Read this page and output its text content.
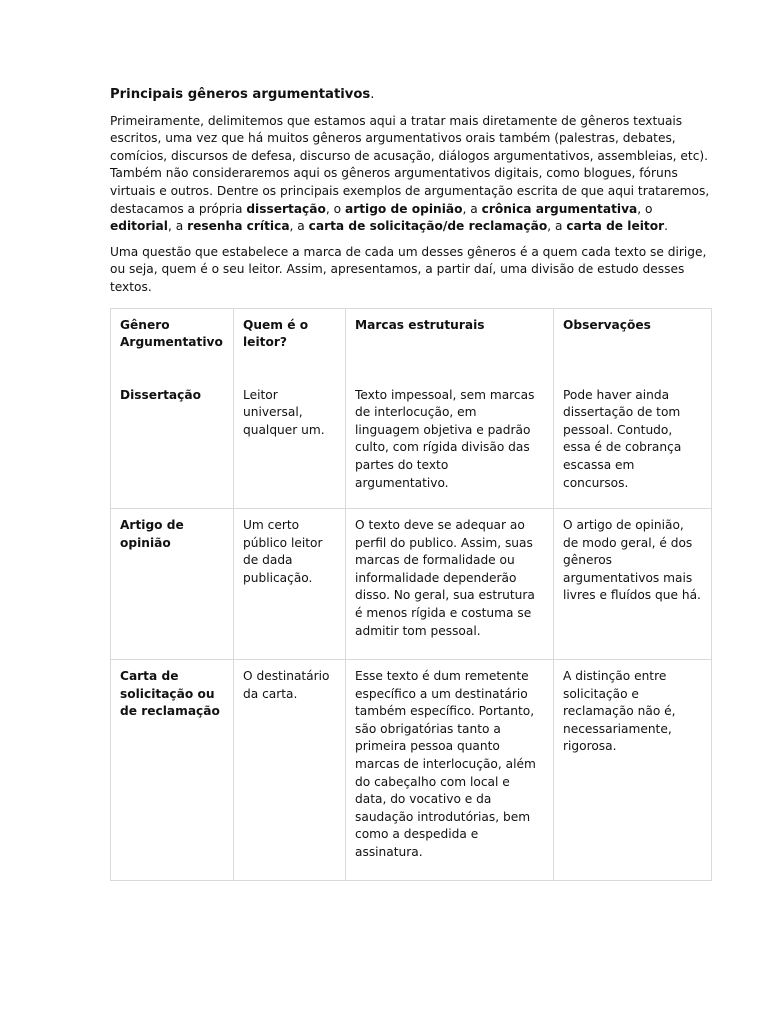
Principais gêneros argumentativos.

Primeiramente, delimitemos que estamos aqui a tratar mais diretamente de gêneros textuais escritos, uma vez que há muitos gêneros argumentativos orais também (palestras, debates, comícios, discursos de defesa, discurso de acusação, diálogos argumentativos, assembleias, etc). Também não consideraremos aqui os gêneros argumentativos digitais, como blogues, fóruns virtuais e outros. Dentre os principais exemplos de argumentação escrita de que aqui trataremos, destacamos a própria dissertação, o artigo de opinião, a crônica argumentativa, o editorial, a resenha crítica, a carta de solicitação/de reclamação, a carta de leitor.

Uma questão que estabelece a marca de cada um desses gêneros é a quem cada texto se dirige, ou seja, quem é o seu leitor. Assim, apresentamos, a partir daí, uma divisão de estudo desses textos.

Gênero Argumentativo	Quem é o leitor?	Marcas estruturais	Observações
Dissertação	Leitor universal, qualquer um.	Texto impessoal, sem marcas de interlocução, em linguagem objetiva e padrão culto, com rígida divisão das partes do texto argumentativo.	Pode haver ainda dissertação de tom pessoal. Contudo, essa é de cobrança escassa em concursos.
Artigo de opinião	Um certo público leitor de dada publicação.	O texto deve se adequar ao perfil do publico. Assim, suas marcas de formalidade ou informalidade dependerão disso. No geral, sua estrutura é menos rígida e costuma se admitir tom pessoal.	O artigo de opinião, de modo geral, é dos gêneros argumentativos mais livres e fluídos que há.
Carta de solicitação ou de reclamação	O destinatário da carta.	Esse texto é dum remetente específico a um destinatário também específico. Portanto, são obrigatórias tanto a primeira pessoa quanto marcas de interlocução, além do cabeçalho com local e data, do vocativo e da saudação introdutórias, bem como a despedida e assinatura.	A distinção entre solicitação e reclamação não é, necessariamente, rigorosa.
